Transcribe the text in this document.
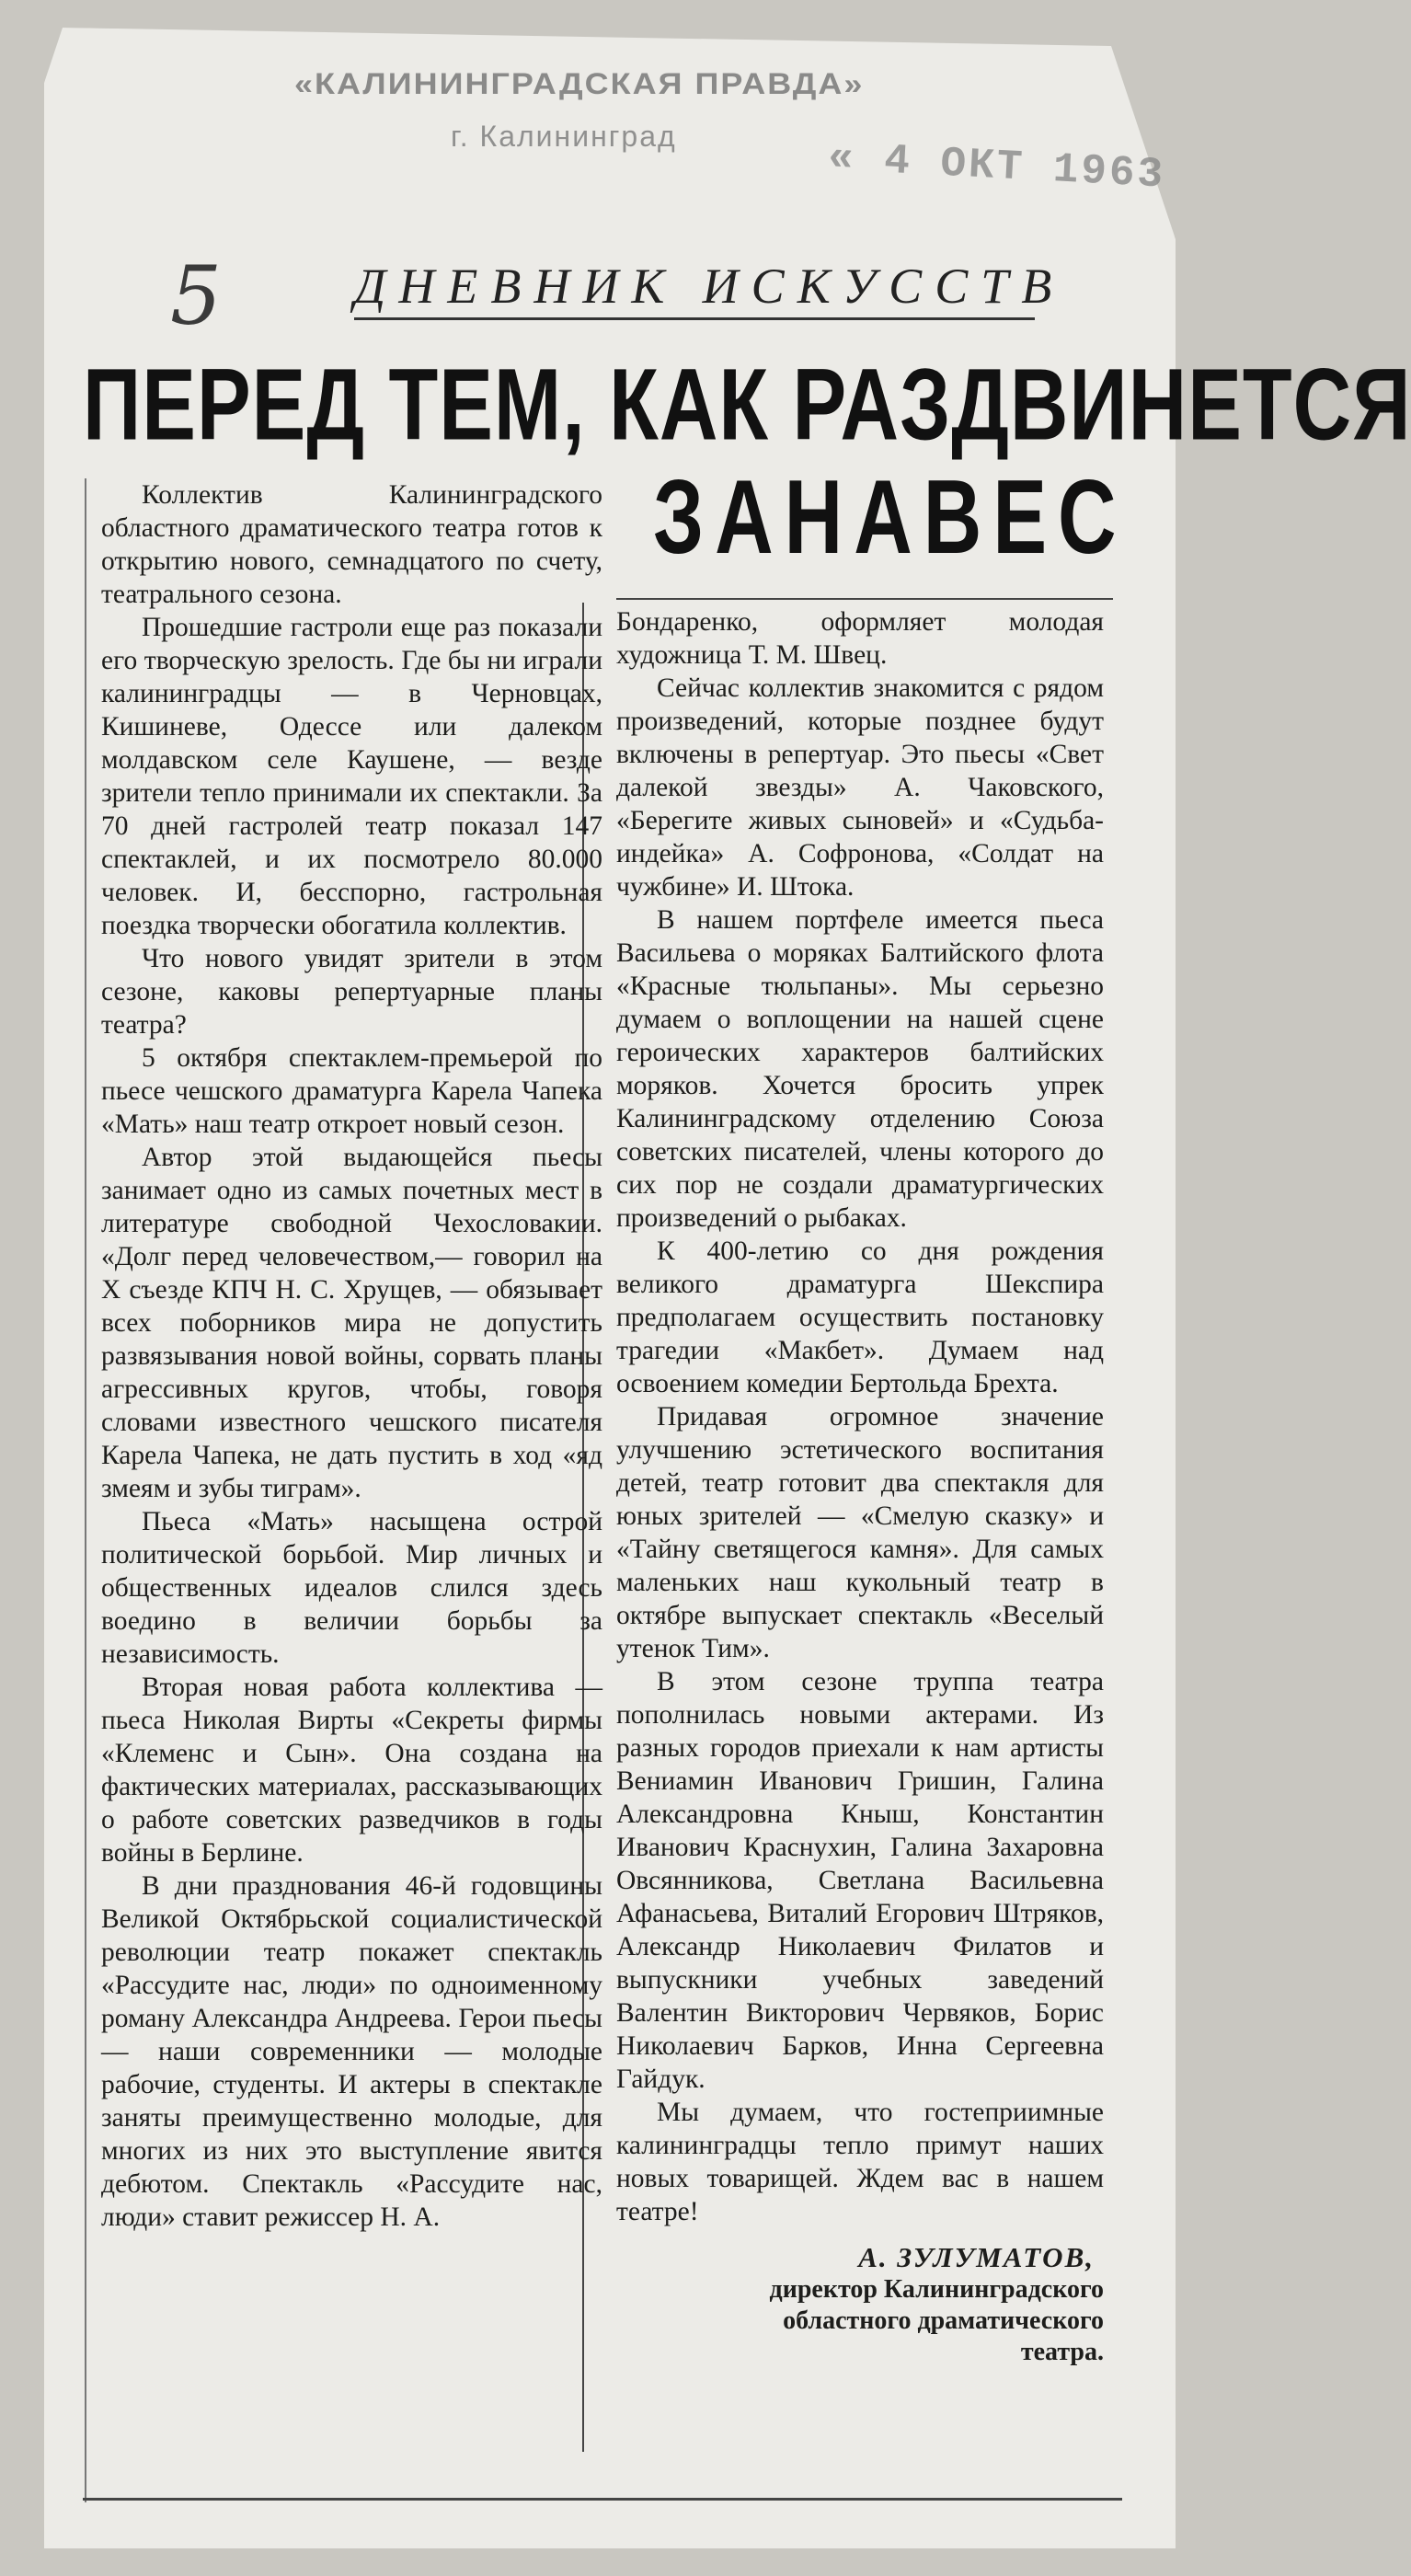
«КАЛИНИНГРАДСКАЯ ПРАВДА»
г. Калининград	« 4 ОКТ 1963
5	ДНЕВНИК ИСКУССТВ
ПЕРЕД ТЕМ, КАК РАЗДВИНЕТСЯ
ЗАНАВЕС

Коллектив Калининградского областного драматического театра готов к открытию нового, семнадцатого по счету, театрального сезона.

Прошедшие гастроли еще раз показали его творческую зрелость. Где бы ни играли калининградцы — в Черновцах, Кишиневе, Одессе или далеком молдавском селе Каушене, — везде зрители тепло принимали их спектакли. За 70 дней гастролей театр показал 147 спектаклей, и их посмотрело 80.000 человек. И, бесспорно, гастрольная поездка творчески обогатила коллектив.

Что нового увидят зрители в этом сезоне, каковы репертуарные планы театра?

5 октября спектаклем-премьерой по пьесе чешского драматурга Карела Чапека «Мать» наш театр откроет новый сезон.

Автор этой выдающейся пьесы занимает одно из самых почетных мест в литературе свободной Чехословакии. «Долг перед человечеством,— говорил на X съезде КПЧ Н. С. Хрущев, — обязывает всех поборников мира не допустить развязывания новой войны, сорвать планы агрессивных кругов, чтобы, говоря словами известного чешского писателя Карела Чапека, не дать пустить в ход «яд змеям и зубы тиграм».

Пьеса «Мать» насыщена острой политической борьбой. Мир личных и общественных идеалов слился здесь воедино в величии борьбы за независимость.

Вторая новая работа коллектива — пьеса Николая Вирты «Секреты фирмы «Клеменс и Сын». Она создана на фактических материалах, рассказывающих о работе советских разведчиков в годы войны в Берлине.

В дни празднования 46-й годовщины Великой Октябрьской социалистической революции театр покажет спектакль «Рассудите нас, люди» по одноименному роману Александра Андреева. Герои пьесы — наши современники — молодые рабочие, студенты. И актеры в спектакле заняты преимущественно молодые, для многих из них это выступление явится дебютом. Спектакль «Рассудите нас, люди» ставит режиссер Н. А.

Бондаренко, оформляет молодая художница Т. М. Швец.

Сейчас коллектив знакомится с рядом произведений, которые позднее будут включены в репертуар. Это пьесы «Свет далекой звезды» А. Чаковского, «Берегите живых сыновей» и «Судьба-индейка» А. Софронова, «Солдат на чужбине» И. Штока.

В нашем портфеле имеется пьеса Васильева о моряках Балтийского флота «Красные тюльпаны». Мы серьезно думаем о воплощении на нашей сцене героических характеров балтийских моряков. Хочется бросить упрек Калининградскому отделению Союза советских писателей, члены которого до сих пор не создали драматургических произведений о рыбаках.

К 400-летию со дня рождения великого драматурга Шекспира предполагаем осуществить постановку трагедии «Макбет». Думаем над освоением комедии Бертольда Брехта.

Придавая огромное значение улучшению эстетического воспитания детей, театр готовит два спектакля для юных зрителей — «Смелую сказку» и «Тайну светящегося камня». Для самых маленьких наш кукольный театр в октябре выпускает спектакль «Веселый утенок Тим».

В этом сезоне труппа театра пополнилась новыми актерами. Из разных городов приехали к нам артисты Вениамин Иванович Гришин, Галина Александровна Кныш, Константин Иванович Краснухин, Галина Захаровна Овсянникова, Светлана Васильевна Афанасьева, Виталий Егорович Штряков, Александр Николаевич Филатов и выпускники учебных заведений Валентин Викторович Червяков, Борис Николаевич Барков, Инна Сергеевна Гайдук.

Мы думаем, что гостеприимные калининградцы тепло примут наших новых товарищей. Ждем вас в нашем театре!

А. ЗУЛУМАТОВ,
директор Калининградского
областного драматического
театра.
